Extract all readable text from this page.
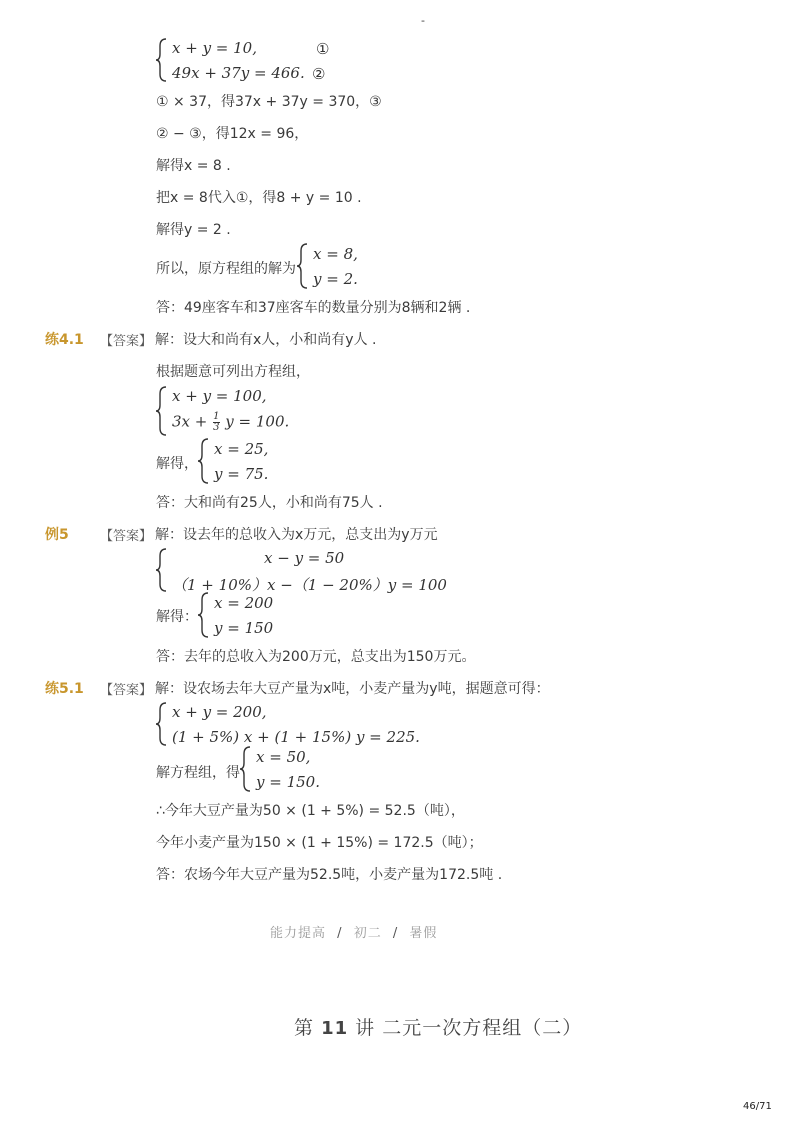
-
x + y = 10,	①
49x + 37y = 466. ②
① × 37，得37x + 37y = 370，③
② − ③，得12x = 96，
解得x = 8 .
把x = 8代入①，得8 + y = 10 .
解得y = 2 .
所以，原方程组的解为
x = 8,
y = 2.
答：49座客车和37座客车的数量分别为8辆和2辆 .
练4.1 【答案】 解：设大和尚有x人，小和尚有y人 .
根据题意可列出方程组，
x + y = 100,
$3x + \frac{1}{3}$ y = 100.
解得，
x = 25,
y = 75.
答：大和尚有25人，小和尚有75人 .
例5 【答案】 解：设去年的总收入为x万元，总支出为y万元
x − y = 50
（1 + 10%）x −（1 − 20%）y = 100
解得：
x = 200
y = 150
答：去年的总收入为200万元，总支出为150万元。
练5.1 【答案】 解：设农场去年大豆产量为x吨，小麦产量为y吨，据题意可得：
x + y = 200,
(1 + 5%) x + (1 + 15%) y = 225.
解方程组，得
x = 50,
y = 150.
∴今年大豆产量为50 × (1 + 5%) = 52.5（吨），
今年小麦产量为150 × (1 + 15%) = 172.5（吨）；
答：农场今年大豆产量为52.5吨，小麦产量为172.5吨 .
能力提高 / 初二 / 暑假
第 11 讲 二元一次方程组（二）
46/71
